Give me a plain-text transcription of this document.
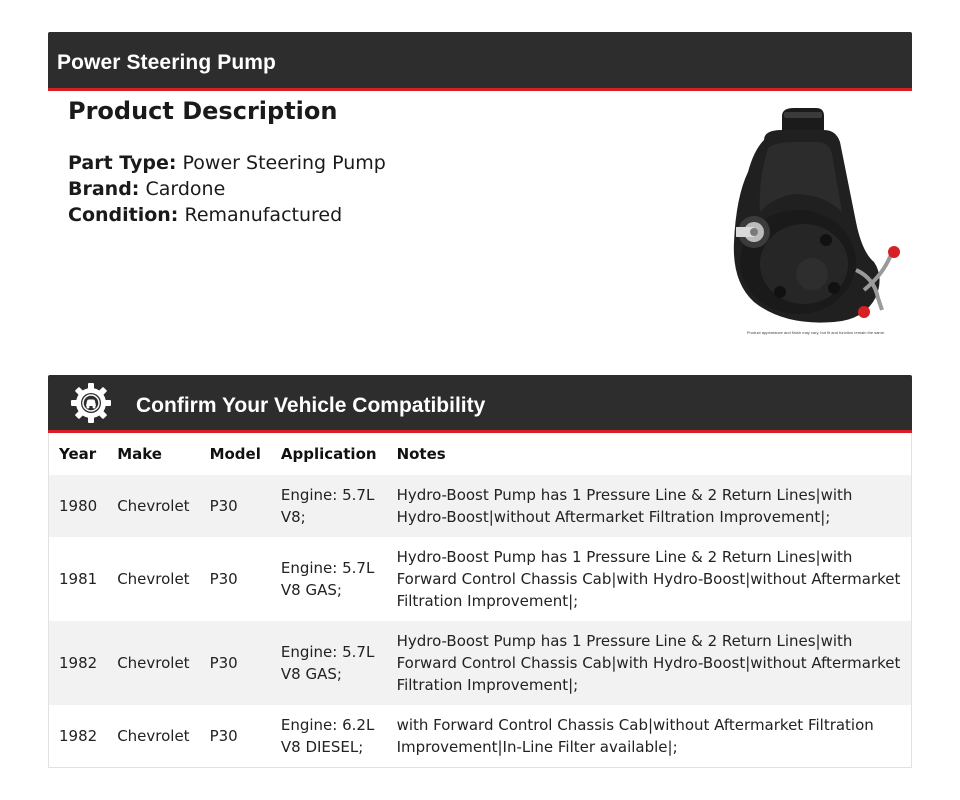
Power Steering Pump
Product Description
Part Type: Power Steering Pump
Brand: Cardone
Condition: Remanufactured
Product appearance and finish may vary, but fit and function remain the same.
Confirm Your Vehicle Compatibility
Year	Make	Model	Application	Notes
1980	Chevrolet	P30	Engine: 5.7L V8;	Hydro-Boost Pump has 1 Pressure Line & 2 Return Lines|with Hydro-Boost|without Aftermarket Filtration Improvement|;
1981	Chevrolet	P30	Engine: 5.7L V8 GAS;	Hydro-Boost Pump has 1 Pressure Line & 2 Return Lines|with Forward Control Chassis Cab|with Hydro-Boost|without Aftermarket Filtration Improvement|;
1982	Chevrolet	P30	Engine: 5.7L V8 GAS;	Hydro-Boost Pump has 1 Pressure Line & 2 Return Lines|with Forward Control Chassis Cab|with Hydro-Boost|without Aftermarket Filtration Improvement|;
1982	Chevrolet	P30	Engine: 6.2L V8 DIESEL;	with Forward Control Chassis Cab|without Aftermarket Filtration Improvement|In-Line Filter available|;
